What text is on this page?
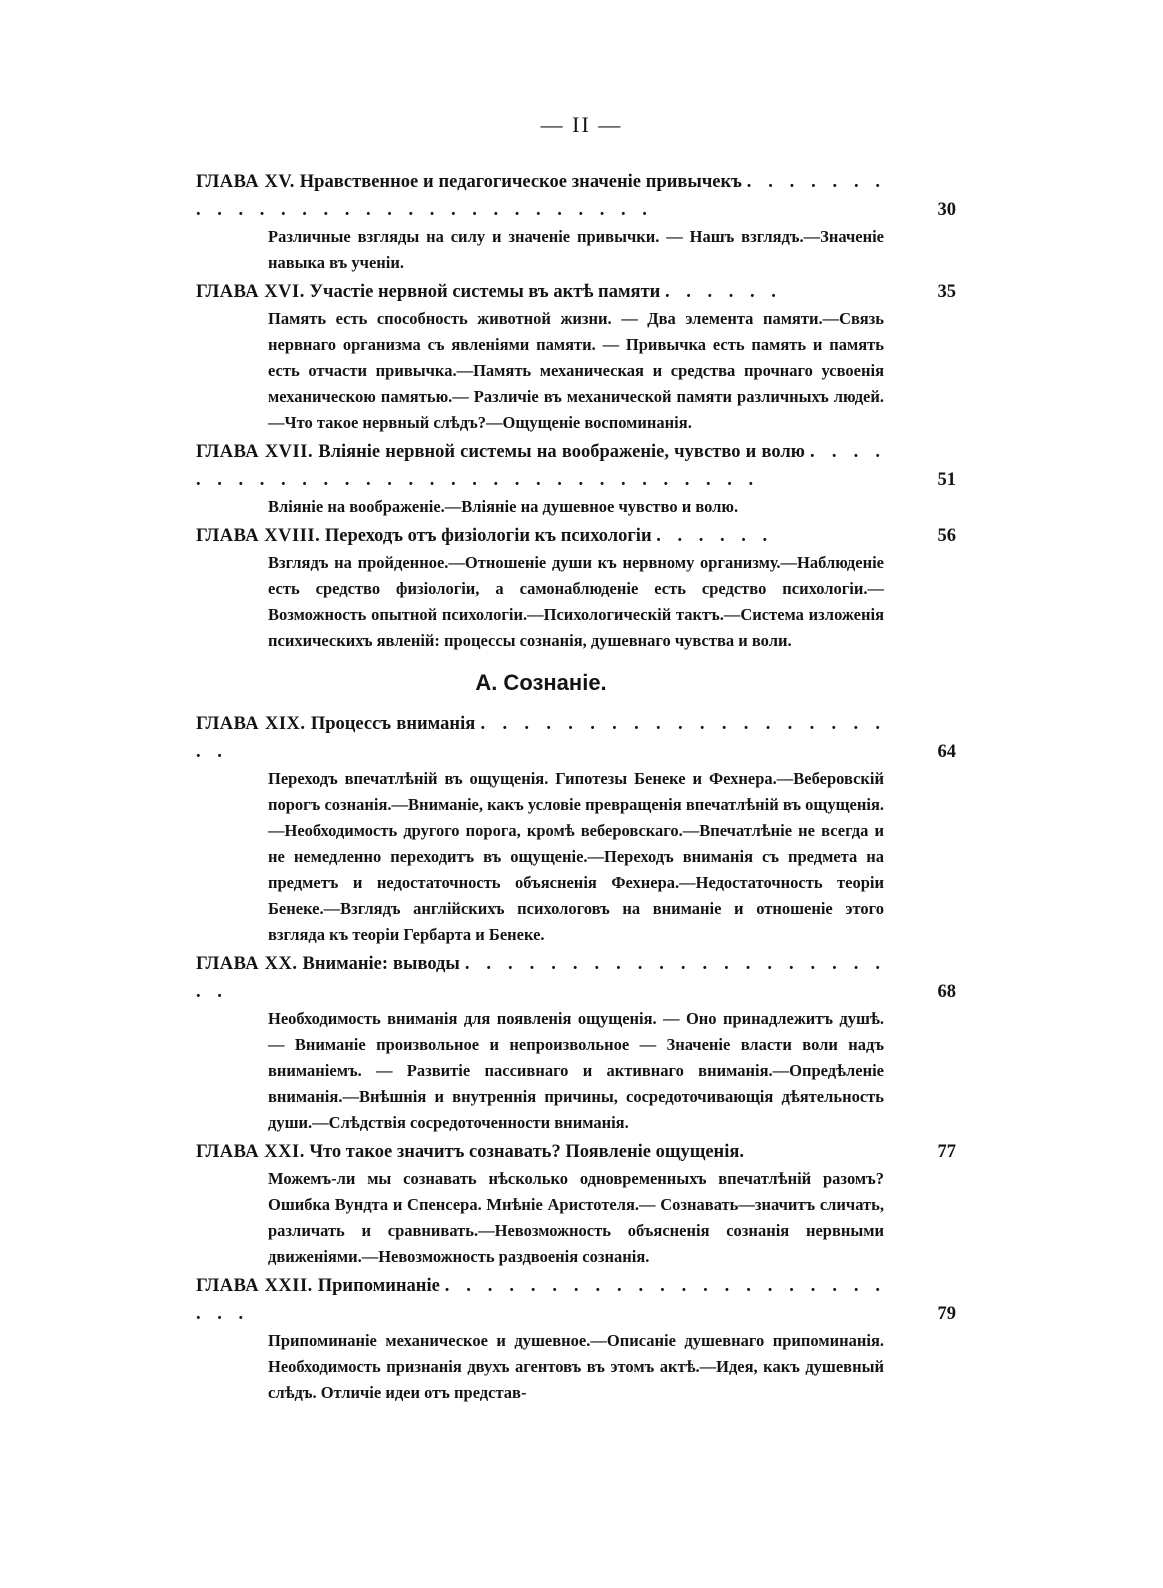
— II —
ГЛАВА XV. Нравственное и педагогическое значеніе привычекъ . . . . . . . . . . . . . . . . . . . . . . . . . . . . .	30
Различные взгляды на силу и значеніе привычки. — Нашъ взглядъ.—Значеніе навыка въ ученіи.
ГЛАВА XVI. Участіе нервной системы въ актѣ памяти . . . . . .	35
Память есть способность животной жизни. — Два элемента памяти.—Связь нервнаго организма съ явленіями памяти. — Привычка есть память и память есть отчасти привычка.—Память механическая и средства прочнаго усвоенія механическою памятью.— Различіе въ механической памяти различныхъ людей.—Что такое нервный слѣдъ?—Ощущеніе воспоминанія.
ГЛАВА XVII. Вліяніе нервной системы на воображеніе, чувство и волю . . . . . . . . . . . . . . . . . . . . . . . . . . . . . . .	51
Вліяніе на воображеніе.—Вліяніе на душевное чувство и волю.
ГЛАВА XVIII. Переходъ отъ физіологіи къ психологіи . . . . . .	56
Взглядъ на пройденное.—Отношеніе души къ нервному организму.—Наблюденіе есть средство физіологіи, а самонаблюденіе есть средство психологіи.—Возможность опытной психологіи.—Психологическій тактъ.—Система изложенія психическихъ явленій: процессы сознанія, душевнаго чувства и воли.
А. Сознаніе.
ГЛАВА XIX. Процессъ вниманія . . . . . . . . . . . . . . . . . . . . .	64
Переходъ впечатлѣній въ ощущенія. Гипотезы Бенеке и Фехнера.—Веберовскій порогъ сознанія.—Вниманіе, какъ условіе превращенія впечатлѣній въ ощущенія.—Необходимость другого порога, кромѣ веберовскаго.—Впечатлѣніе не всегда и не немедленно переходитъ въ ощущеніе.—Переходъ вниманія съ предмета на предметъ и недостаточность объясненія Фехнера.—Недостаточность теоріи Бенеке.—Взглядъ англійскихъ психологовъ на вниманіе и отношеніе этого взгляда къ теоріи Гербарта и Бенеке.
ГЛАВА XX. Вниманіе: выводы . . . . . . . . . . . . . . . . . . . . . .	68
Необходимость вниманія для появленія ощущенія. — Оно принадлежитъ душѣ. — Вниманіе произвольное и непроизвольное — Значеніе власти воли надъ вниманіемъ. — Развитіе пассивнаго и активнаго вниманія.—Опредѣленіе вниманія.—Внѣшнія и внутреннія причины, сосредоточивающія дѣятельность души.—Слѣдствія сосредоточенности вниманія.
ГЛАВА XXI. Что такое значитъ сознавать? Появленіе ощущенія.	77
Можемъ-ли мы сознавать нѣсколько одновременныхъ впечатлѣній разомъ? Ошибка Вундта и Спенсера. Мнѣніе Аристотеля.— Сознавать—значитъ сличать, различать и сравнивать.—Невозможность объясненія сознанія нервными движеніями.—Невозможность раздвоенія сознанія.
ГЛАВА XXII. Припоминаніе . . . . . . . . . . . . . . . . . . . . . . . .	79
Припоминаніе механическое и душевное.—Описаніе душевнаго припоминанія. Необходимость признанія двухъ агентовъ въ этомъ актѣ.—Идея, какъ душевный слѣдъ. Отличіе идеи отъ представ-
